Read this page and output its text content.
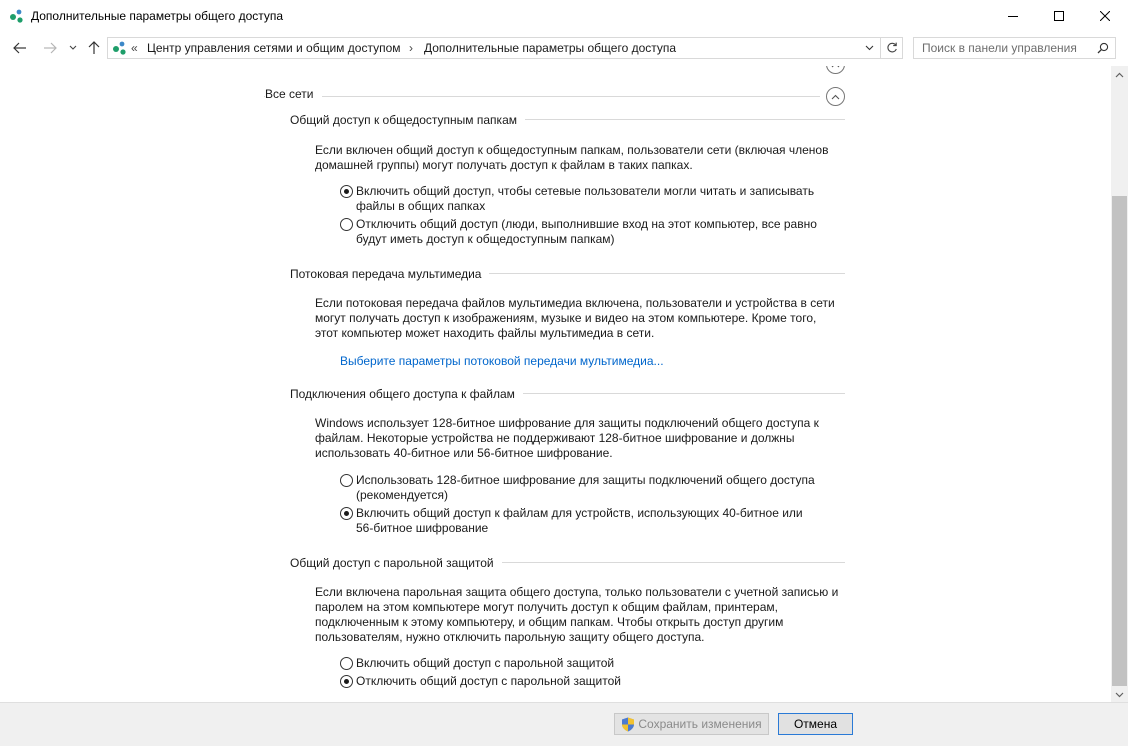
Дополнительные параметры общего доступа
« Центр управления сетями и общим доступом › Дополнительные параметры общего доступа
Поиск в панели управления
Все сети
Общий доступ к общедоступным папкам
Если включен общий доступ к общедоступным папкам, пользователи сети (включая членов
домашней группы) могут получать доступ к файлам в таких папках.
Включить общий доступ, чтобы сетевые пользователи могли читать и записывать
файлы в общих папках
Отключить общий доступ (люди, выполнившие вход на этот компьютер, все равно
будут иметь доступ к общедоступным папкам)
Потоковая передача мультимедиа
Если потоковая передача файлов мультимедиа включена, пользователи и устройства в сети
могут получать доступ к изображениям, музыке и видео на этом компьютере. Кроме того,
этот компьютер может находить файлы мультимедиа в сети.
Выберите параметры потоковой передачи мультимедиа...
Подключения общего доступа к файлам
Windows использует 128-битное шифрование для защиты подключений общего доступа к
файлам. Некоторые устройства не поддерживают 128-битное шифрование и должны
использовать 40-битное или 56-битное шифрование.
Использовать 128-битное шифрование для защиты подключений общего доступа
(рекомендуется)
Включить общий доступ к файлам для устройств, использующих 40-битное или
56-битное шифрование
Общий доступ с парольной защитой
Если включена парольная защита общего доступа, только пользователи с учетной записью и
паролем на этом компьютере могут получить доступ к общим файлам, принтерам,
подключенным к этому компьютеру, и общим папкам. Чтобы открыть доступ другим
пользователям, нужно отключить парольную защиту общего доступа.
Включить общий доступ с парольной защитой
Отключить общий доступ с парольной защитой
Сохранить изменения	Отмена
